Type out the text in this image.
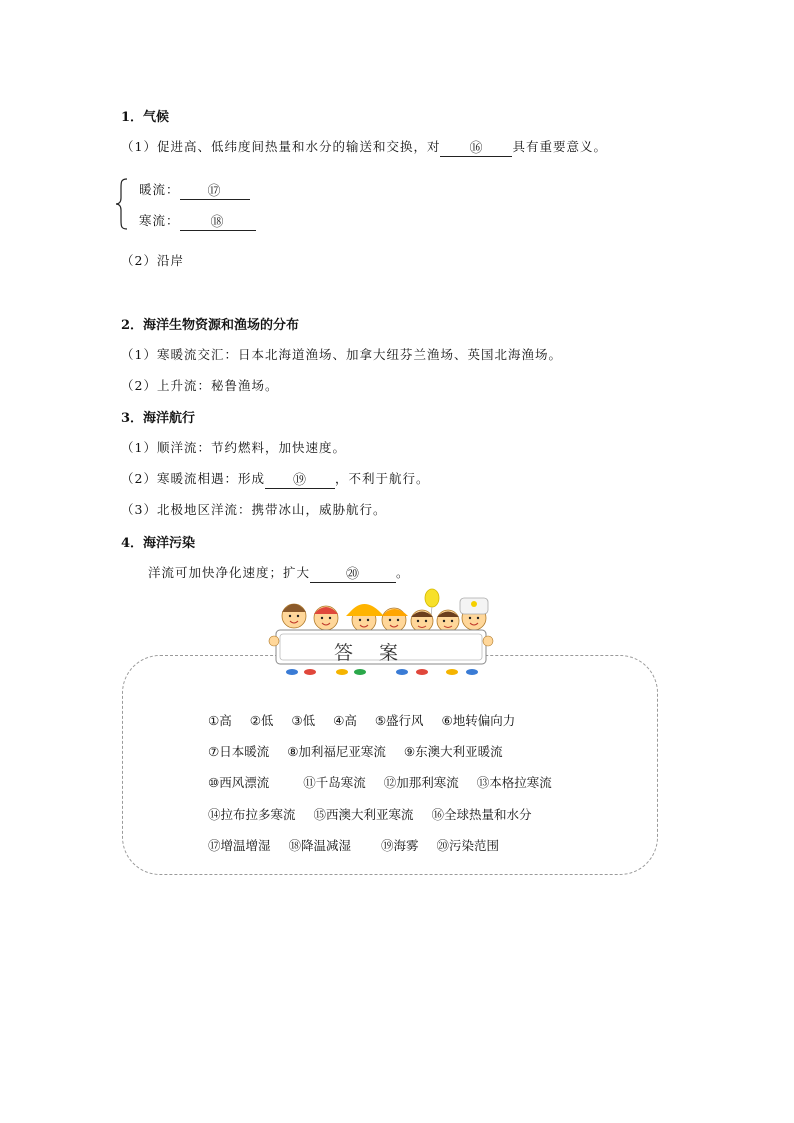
1．气候
（1）促进高、低纬度间热量和水分的输送和交换，对 ⑯ 具有重要意义。
暖流： ⑰
寒流： ⑱
（2）沿岸
2．海洋生物资源和渔场的分布
（1）寒暖流交汇：日本北海道渔场、加拿大纽芬兰渔场、英国北海渔场。
（2）上升流：秘鲁渔场。
3．海洋航行
（1）顺洋流：节约燃料，加快速度。
（2）寒暖流相遇：形成 ⑲ ，不利于航行。
（3）北极地区洋流：携带冰山，威胁航行。
4．海洋污染
洋流可加快净化速度；扩大	⑳	。
答案
①高 ②低 ③低 ④高 ⑤盛行风 ⑥地转偏向力
⑦日本暖流 ⑧加利福尼亚寒流 ⑨东澳大利亚暖流
⑩西风漂流	⑪千岛寒流 ⑫加那利寒流 ⑬本格拉寒流
⑭拉布拉多寒流 ⑮西澳大利亚寒流 ⑯全球热量和水分
⑰增温增湿 ⑱降温减湿 ⑲海雾 ⑳污染范围
